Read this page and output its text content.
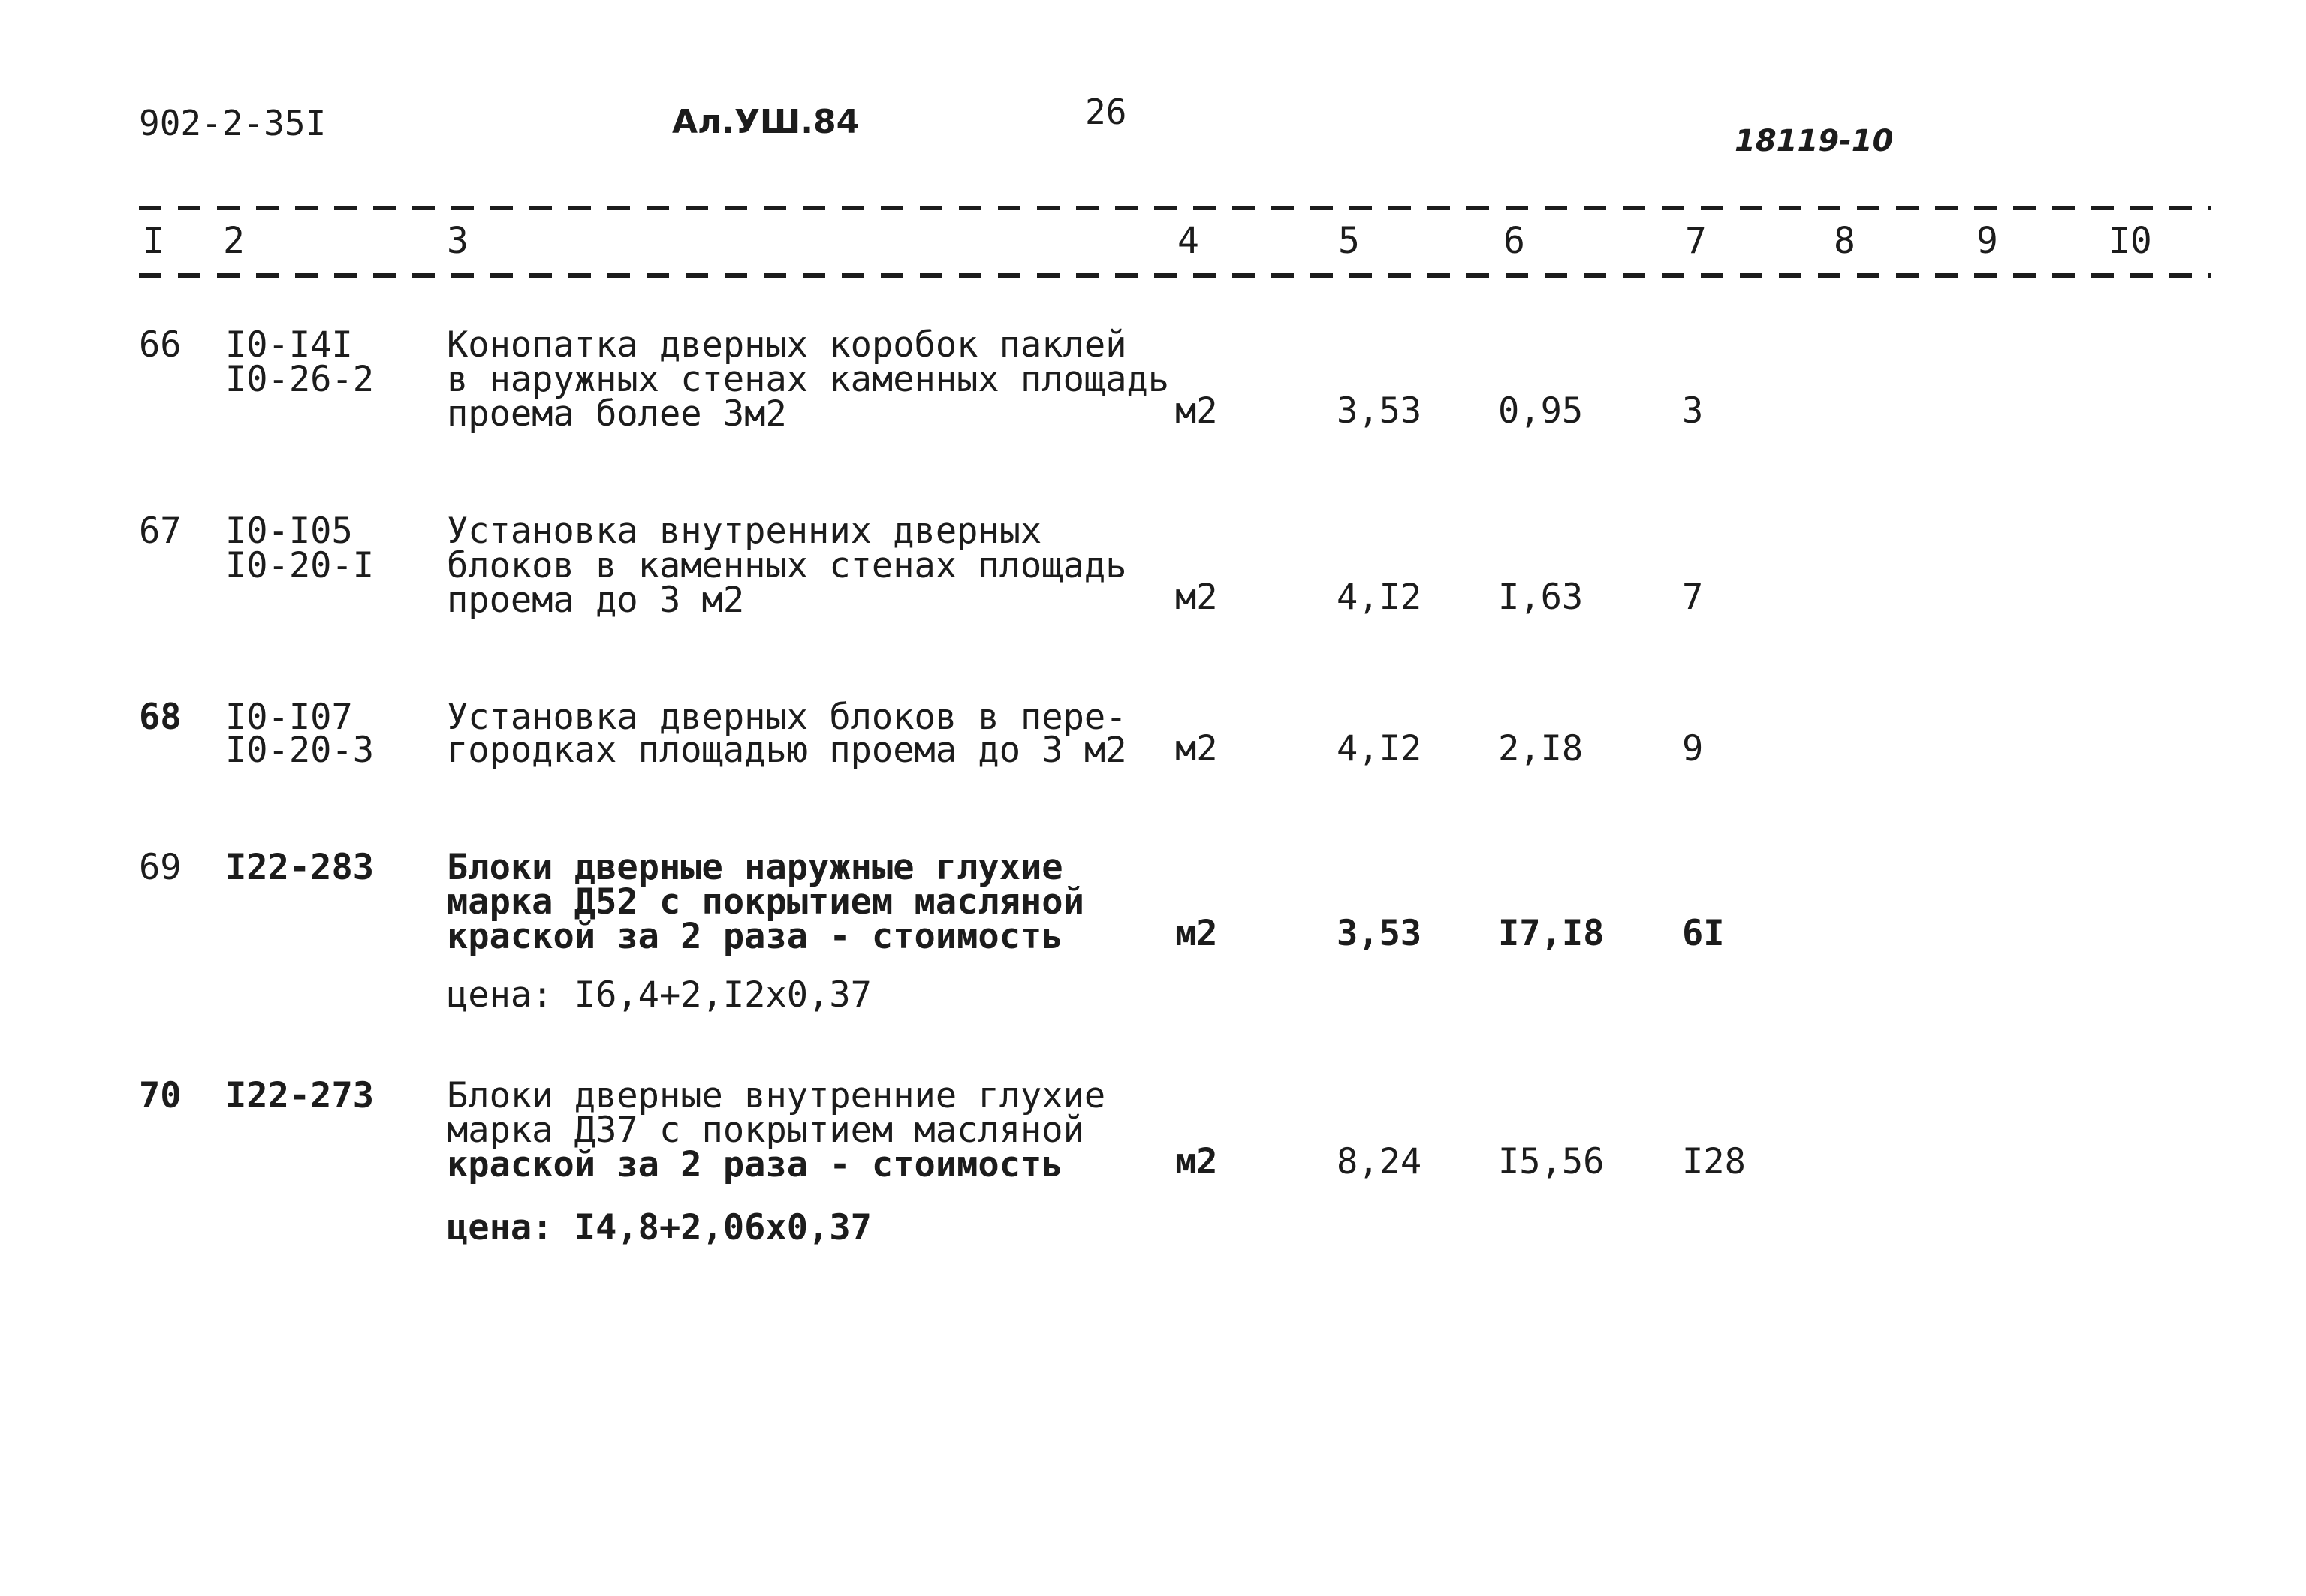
902-2-35I	Ал.УШ.84	26
18119-10
I 2	3	4	5	6	7	8	9	I0
66 I0-I4I
I0-26-2
Конопатка дверных коробок паклей
в наружных стенах каменных площадь
проема более 3м2	м2	3,53 0,95	3
67 I0-I05
I0-20-I
Установка внутренних дверных
блоков в каменных стенах площадь
проема до 3 м2	м2	4,I2 I,63	7
68 I0-I07
I0-20-3
Установка дверных блоков в пере-
городках площадью проема до 3 м2 м2	4,I2 2,I8	9
69 I22-283 Блоки дверные наружные глухие
марка Д52 с покрытием масляной
краской за 2 раза - стоимость
цена: I6,4+2,I2х0,37
м2	3,53 I7,I8 6I
70 I22-273 Блоки дверные внутренние глухие
марка Д37 с покрытием масляной
краской за 2 раза - стоимость
цена: I4,8+2,06х0,37
м2	8,24 I5,56 I28
